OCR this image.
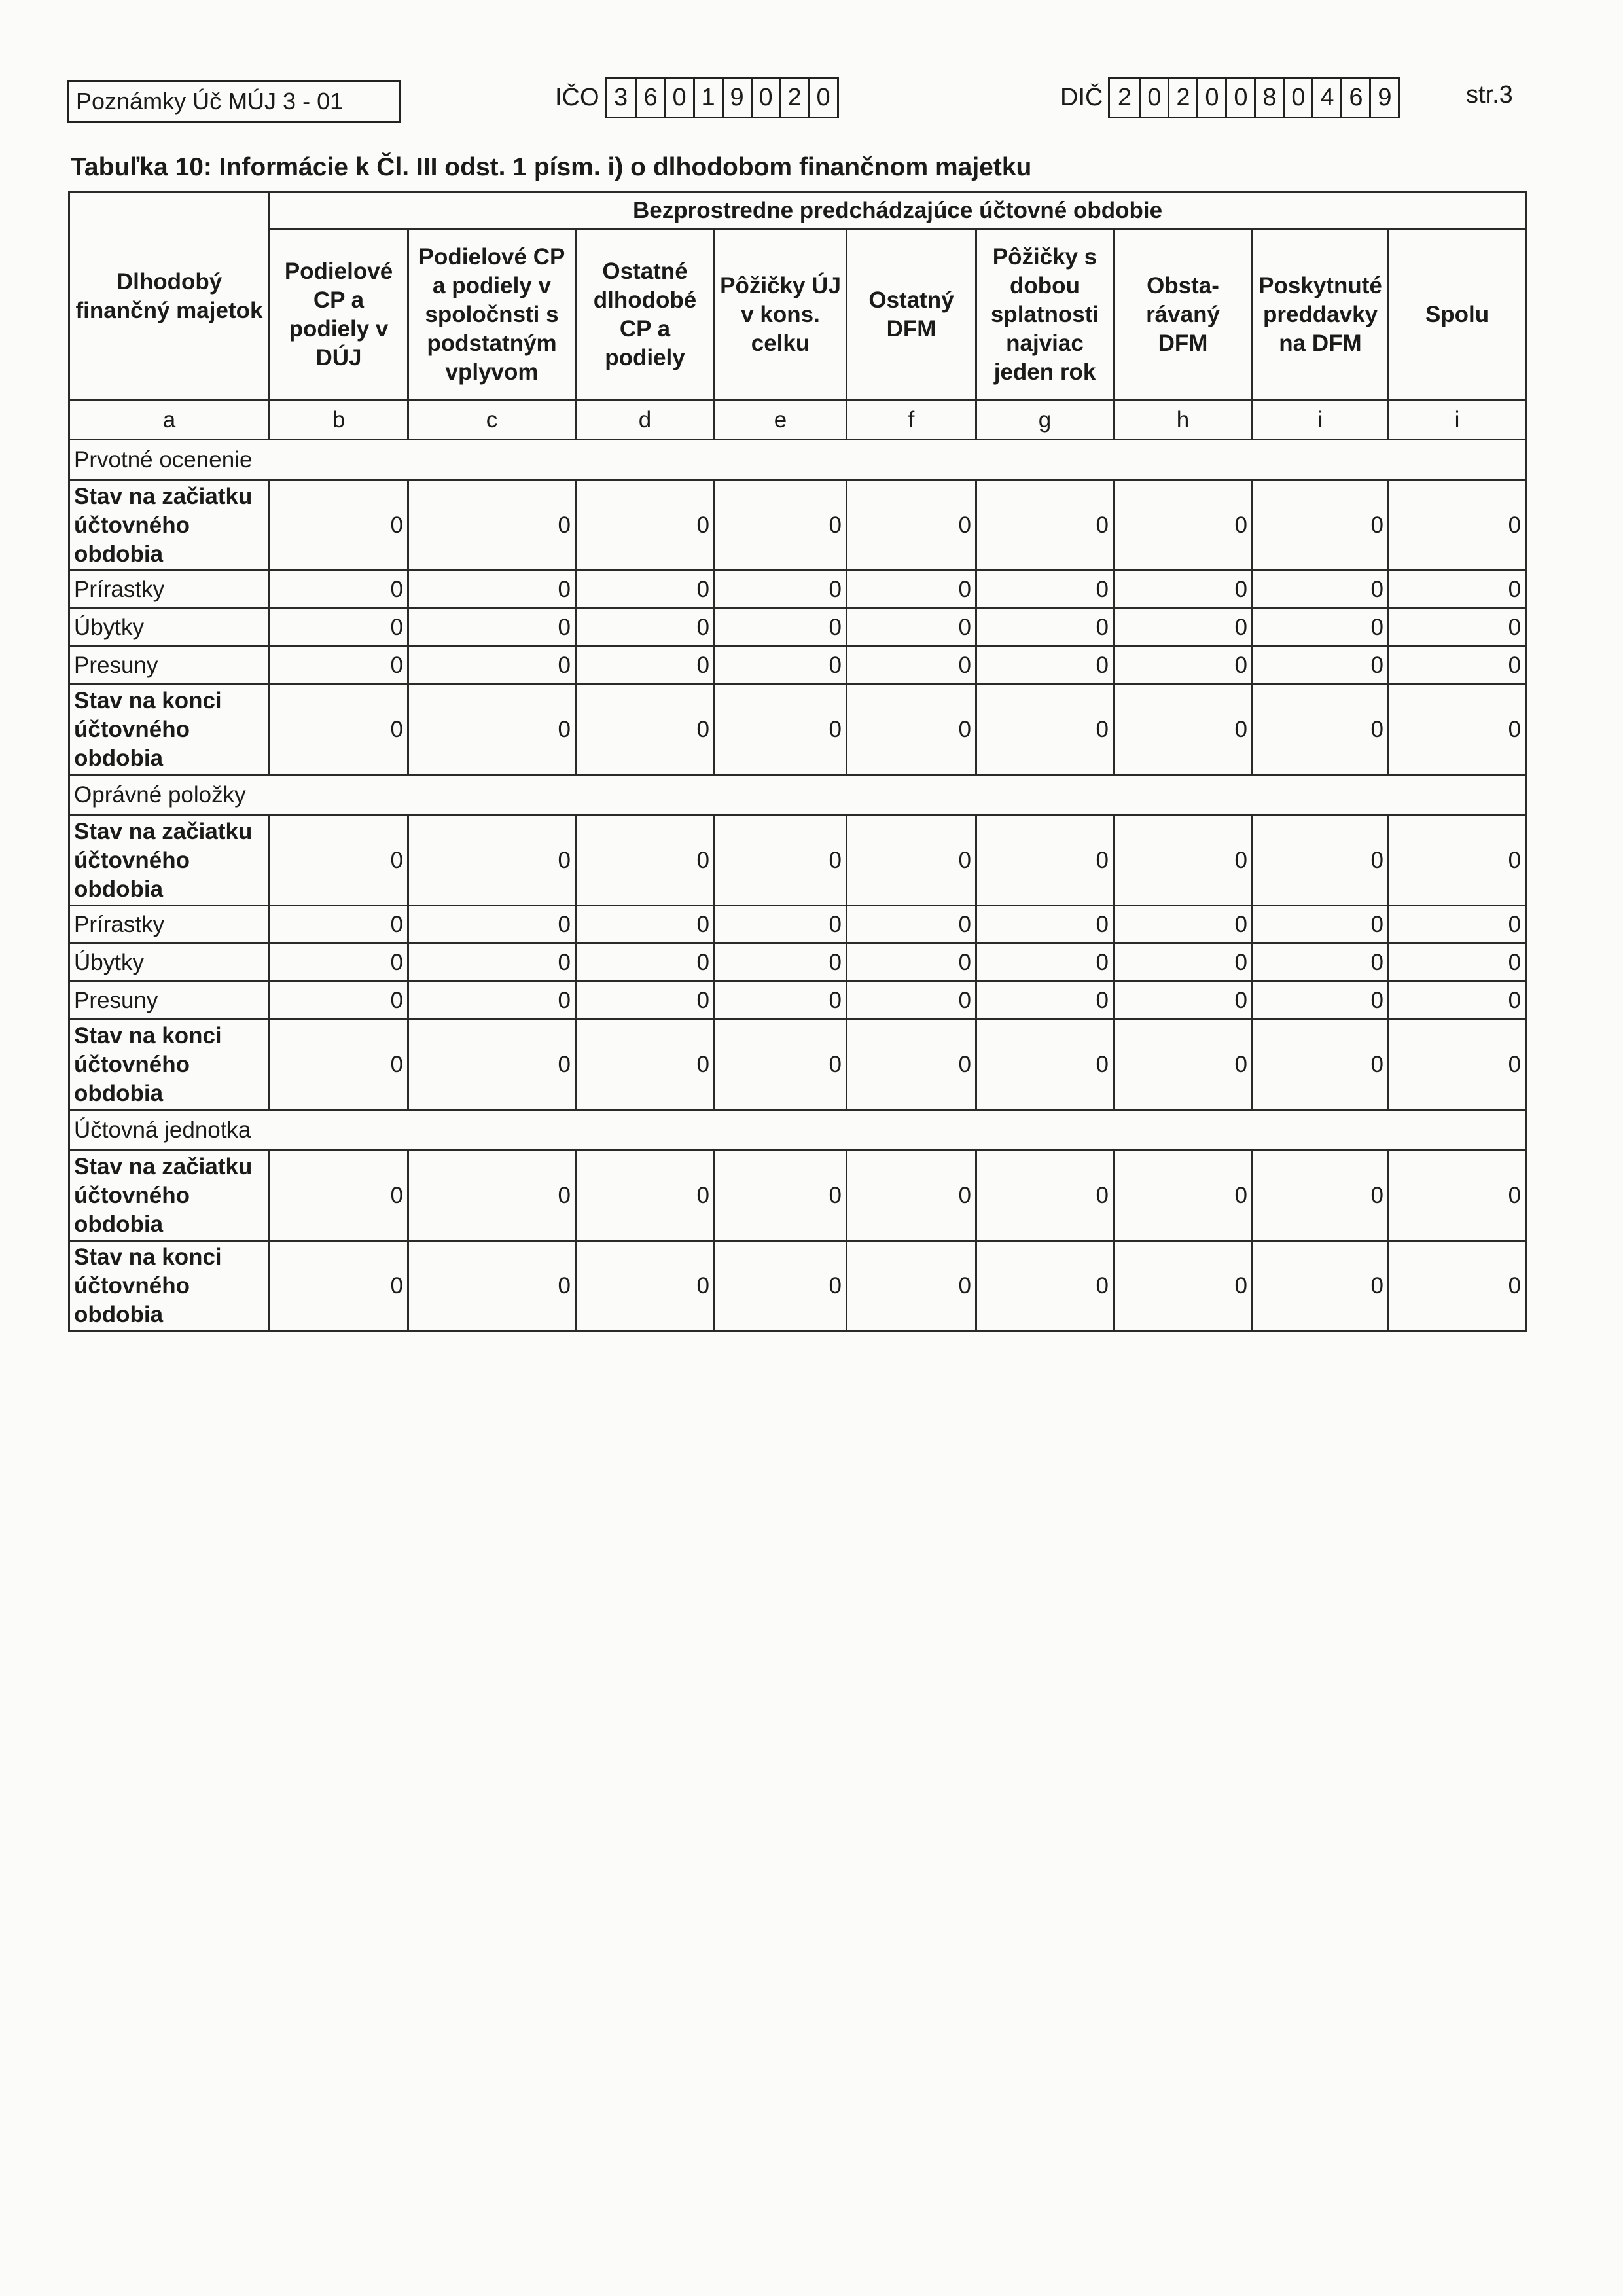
Poznámky Úč MÚJ 3 - 01	IČO 3 6 0 1 9 0 2 0	DIČ 2 0 2 0 0 8 0 4 6 9	str.3
Tabuľka 10: Informácie k Čl. III odst. 1 písm. i) o dlhodobom finančnom majetku
Dlhodobý finančný majetok	Bezprostredne predchádzajúce účtovné obdobie								
	Podielové CP a podiely v DÚJ	Podielové CP a podiely v spoločnsti s podstatným vplyvom	Ostatné dlhodobé CP a podiely	Pôžičky ÚJ v kons. celku	Ostatný DFM	Pôžičky s dobou splatnosti najviac jeden rok	Obsta- rávaný DFM	Poskytnuté preddavky na DFM	Spolu
a	b	c	d	e	f	g	h	i	i
Prvotné ocenenie									
Stav na začiatku účtovného obdobia	0	0	0	0	0	0	0	0	0
Prírastky	0	0	0	0	0	0	0	0	0
Úbytky	0	0	0	0	0	0	0	0	0
Presuny	0	0	0	0	0	0	0	0	0
Stav na konci účtovného obdobia	0	0	0	0	0	0	0	0	0
Oprávné položky									
Stav na začiatku účtovného obdobia	0	0	0	0	0	0	0	0	0
Prírastky	0	0	0	0	0	0	0	0	0
Úbytky	0	0	0	0	0	0	0	0	0
Presuny	0	0	0	0	0	0	0	0	0
Stav na konci účtovného obdobia	0	0	0	0	0	0	0	0	0
Účtovná jednotka									
Stav na začiatku účtovného obdobia	0	0	0	0	0	0	0	0	0
Stav na konci účtovného obdobia	0	0	0	0	0	0	0	0	0
